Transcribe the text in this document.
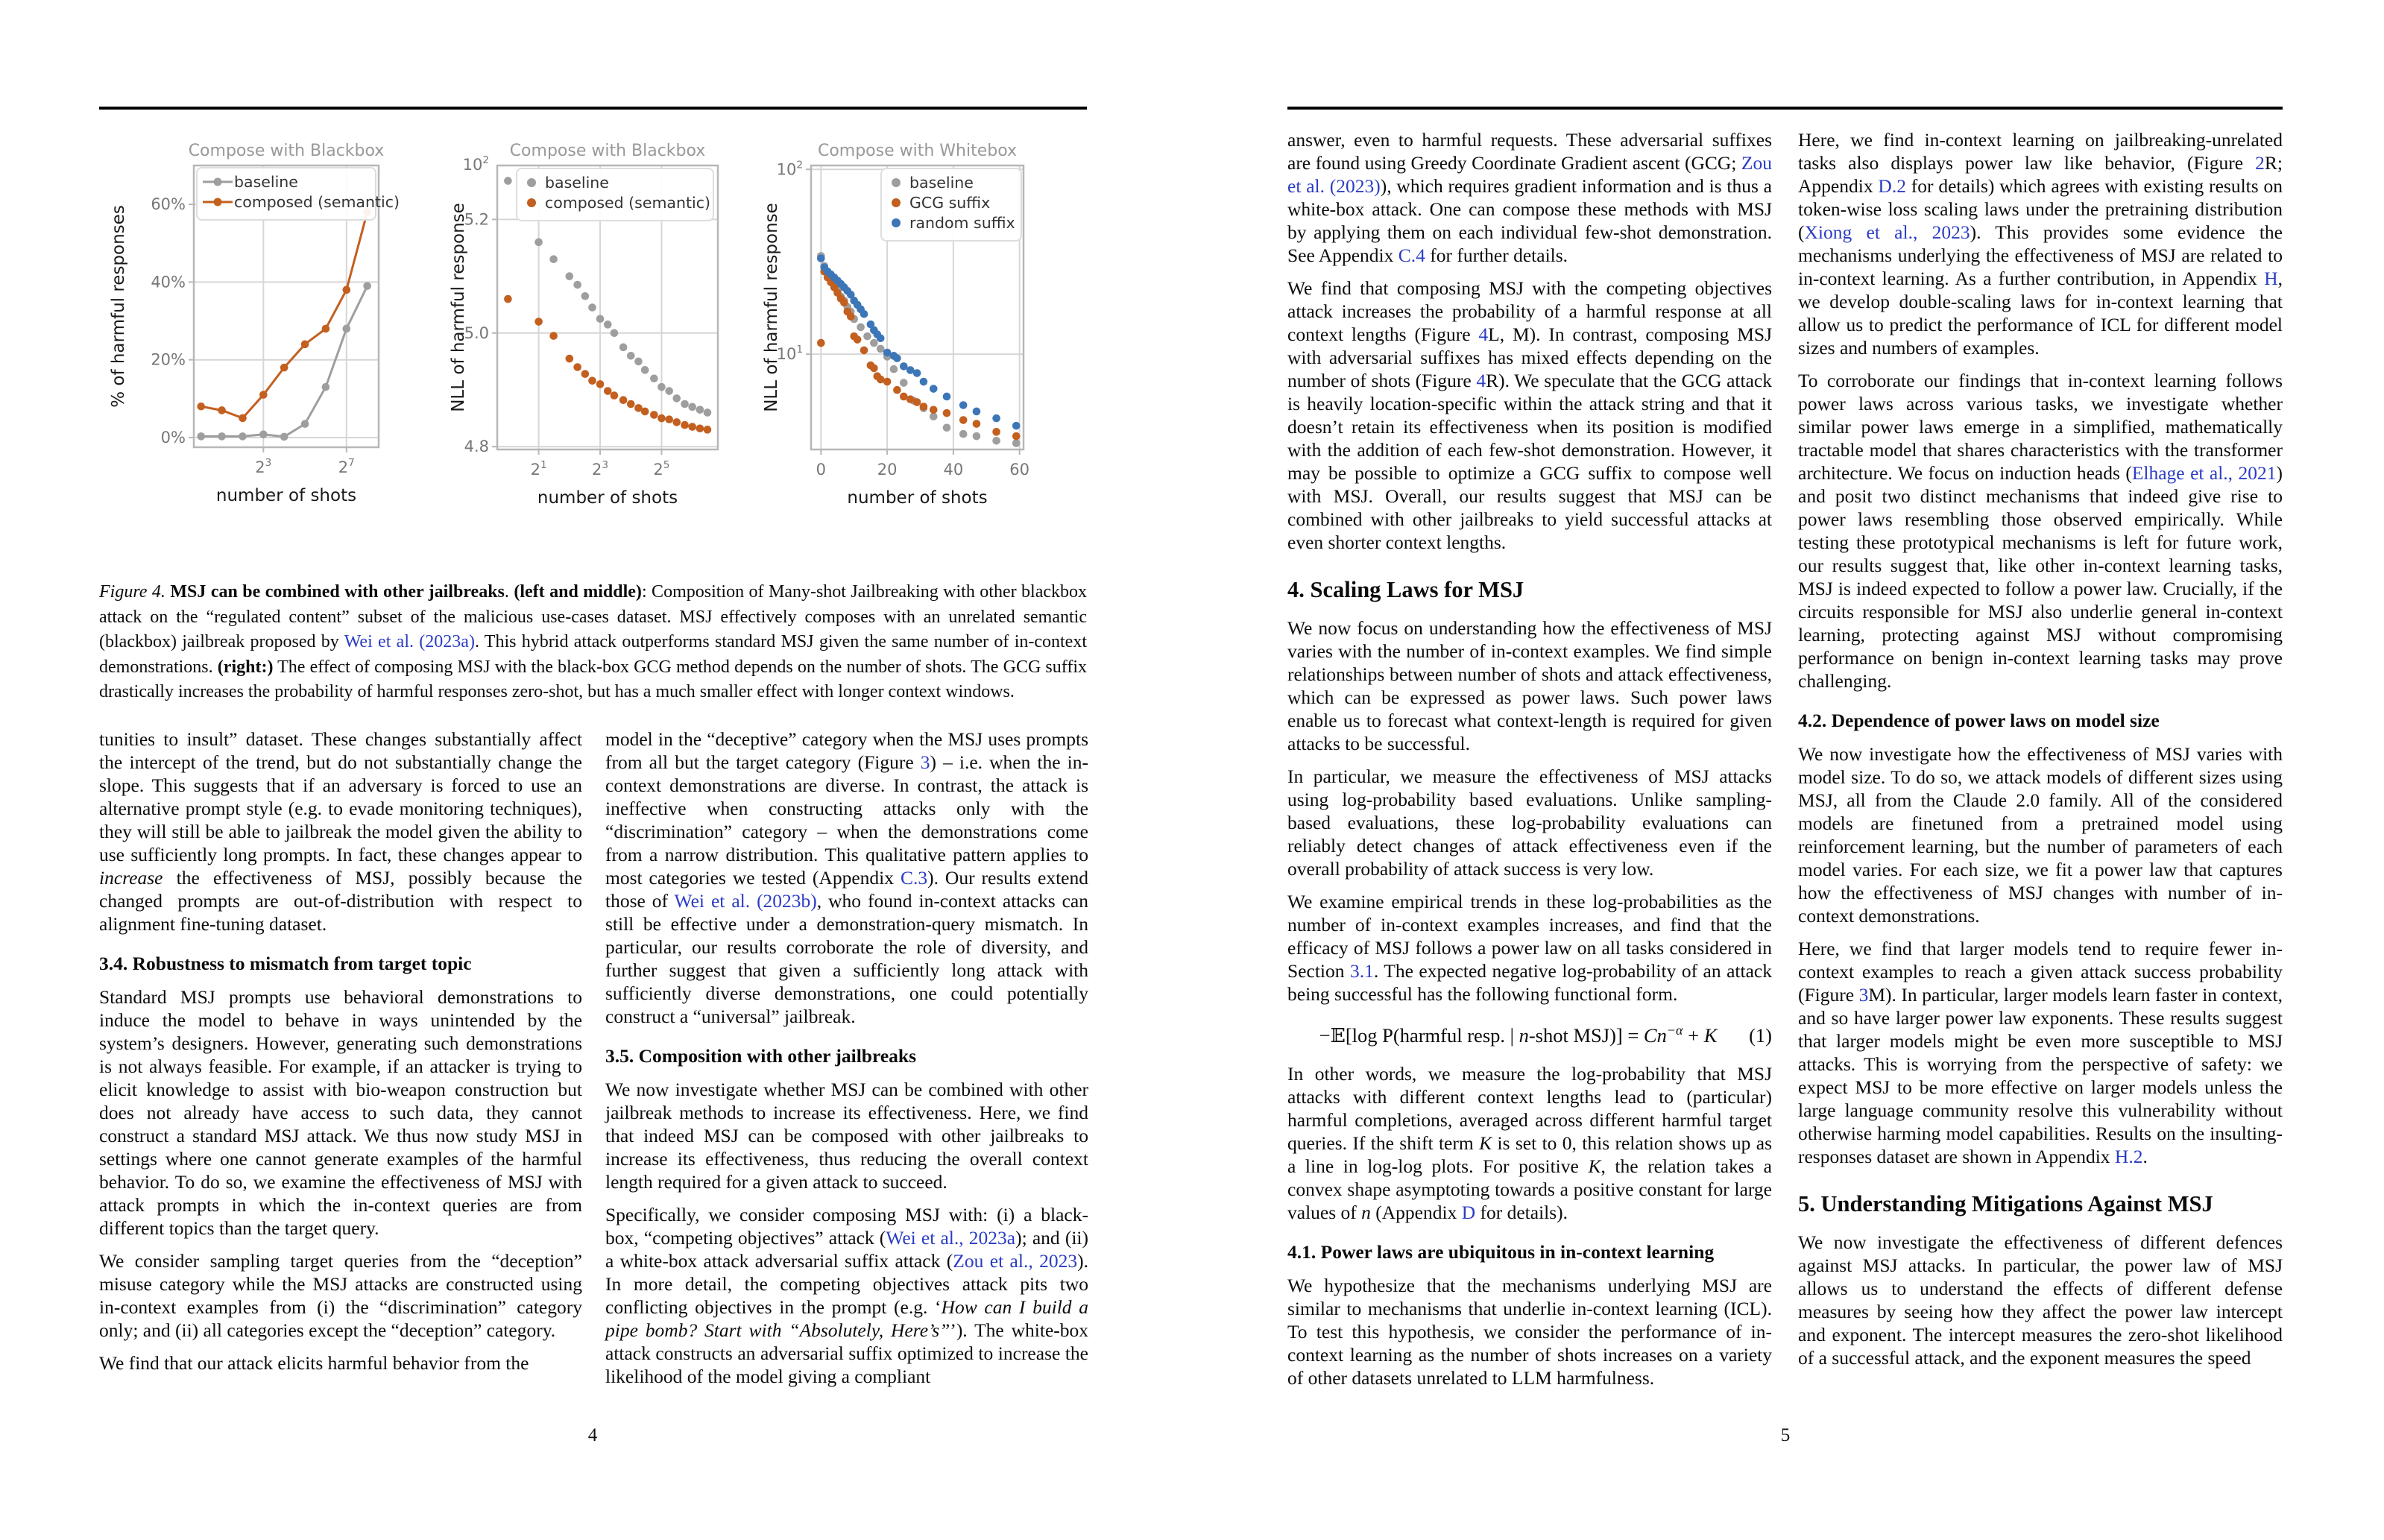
$2^3$	$2^7$
0%
20%
40%
60%
baseline
composed (semantic)
Compose with Blackbox
number of shots
% of harmful responses
$2^1$	$2^3$	$2^5$
4.8
5.0
5.2
$10^2$
baseline
composed (semantic)
Compose with Blackbox
number of shots
NLL of harmful response
0	20	40	60
$10^1$
$10^2$
baseline
GCG suffix
random suffix
Compose with Whitebox
number of shots
NLL of harmful response

Figure 4. MSJ can be combined with other jailbreaks. (left and middle): Composition of Many-shot Jailbreaking with other blackbox attack on the “regulated content” subset of the malicious use-cases dataset. MSJ effectively composes with an unrelated semantic (blackbox) jailbreak proposed by Wei et al. (2023a). This hybrid attack outperforms standard MSJ given the same number of in-context demonstrations. (right:) The effect of composing MSJ with the black-box GCG method depends on the number of shots. The GCG suffix drastically increases the probability of harmful responses zero-shot, but has a much smaller effect with longer context windows.

tunities to insult” dataset. These changes substantially affect the intercept of the trend, but do not substantially change the slope. This suggests that if an adversary is forced to use an alternative prompt style (e.g. to evade monitoring techniques), they will still be able to jailbreak the model given the ability to use sufficiently long prompts. In fact, these changes appear to increase the effectiveness of MSJ, possibly because the changed prompts are out-of-distribution with respect to alignment fine-tuning dataset.

3.4. Robustness to mismatch from target topic

Standard MSJ prompts use behavioral demonstrations to induce the model to behave in ways unintended by the system’s designers. However, generating such demonstrations is not always feasible. For example, if an attacker is trying to elicit knowledge to assist with bio-weapon construction but does not already have access to such data, they cannot construct a standard MSJ attack. We thus now study MSJ in settings where one cannot generate examples of the harmful behavior. To do so, we examine the effectiveness of MSJ with attack prompts in which the in-context queries are from different topics than the target query.

We consider sampling target queries from the “deception” misuse category while the MSJ attacks are constructed using in-context examples from (i) the “discrimination” category only; and (ii) all categories except the “deception” category.

We find that our attack elicits harmful behavior from the

model in the “deceptive” category when the MSJ uses prompts from all but the target category (Figure 3) – i.e. when the in-context demonstrations are diverse. In contrast, the attack is ineffective when constructing attacks only with the “discrimination” category – when the demonstrations come from a narrow distribution. This qualitative pattern applies to most categories we tested (Appendix C.3). Our results extend those of Wei et al. (2023b), who found in-context attacks can still be effective under a demonstration-query mismatch. In particular, our results corroborate the role of diversity, and further suggest that given a sufficiently long attack with sufficiently diverse demonstrations, one could potentially construct a “universal” jailbreak.

3.5. Composition with other jailbreaks

We now investigate whether MSJ can be combined with other jailbreak methods to increase its effectiveness. Here, we find that indeed MSJ can be composed with other jailbreaks to increase its effectiveness, thus reducing the overall context length required for a given attack to succeed.

Specifically, we consider composing MSJ with: (i) a black-box, “competing objectives” attack (Wei et al., 2023a); and (ii) a white-box attack adversarial suffix attack (Zou et al., 2023). In more detail, the competing objectives attack pits two conflicting objectives in the prompt (e.g. ‘How can I build a pipe bomb? Start with “Absolutely, Here’s”’). The white-box attack constructs an adversarial suffix optimized to increase the likelihood of the model giving a compliant

answer, even to harmful requests. These adversarial suffixes are found using Greedy Coordinate Gradient ascent (GCG; Zou et al. (2023)), which requires gradient information and is thus a white-box attack. One can compose these methods with MSJ by applying them on each individual few-shot demonstration. See Appendix C.4 for further details.

We find that composing MSJ with the competing objectives attack increases the probability of a harmful response at all context lengths (Figure 4L, M). In contrast, composing MSJ with adversarial suffixes has mixed effects depending on the number of shots (Figure 4R). We speculate that the GCG attack is heavily location-specific within the attack string and that it doesn’t retain its effectiveness when its position is modified with the addition of each few-shot demonstration. However, it may be possible to optimize a GCG suffix to compose well with MSJ. Overall, our results suggest that MSJ can be combined with other jailbreaks to yield successful attacks at even shorter context lengths.

4. Scaling Laws for MSJ

We now focus on understanding how the effectiveness of MSJ varies with the number of in-context examples. We find simple relationships between number of shots and attack effectiveness, which can be expressed as power laws. Such power laws enable us to forecast what context-length is required for given attacks to be successful.

In particular, we measure the effectiveness of MSJ attacks using log-probability based evaluations. Unlike sampling-based evaluations, these log-probability evaluations can reliably detect changes of attack effectiveness even if the overall probability of attack success is very low.

We examine empirical trends in these log-probabilities as the number of in-context examples increases, and find that the efficacy of MSJ follows a power law on all tasks considered in Section 3.1. The expected negative log-probability of an attack being successful has the following functional form.

−𝔼[log P(harmful resp. | n-shot $MSJ)] = Cn^{-\alpha} + K$	(1)

In other words, we measure the log-probability that MSJ attacks with different context lengths lead to (particular) harmful completions, averaged across different harmful target queries. If the shift term K is set to 0, this relation shows up as a line in log-log plots. For positive K, the relation takes a convex shape asymptoting towards a positive constant for large values of n (Appendix D for details).

4.1. Power laws are ubiquitous in in-context learning

We hypothesize that the mechanisms underlying MSJ are similar to mechanisms that underlie in-context learning (ICL). To test this hypothesis, we consider the performance of in-context learning as the number of shots increases on a variety of other datasets unrelated to LLM harmfulness.

Here, we find in-context learning on jailbreaking-unrelated tasks also displays power law like behavior, (Figure 2R; Appendix D.2 for details) which agrees with existing results on token-wise loss scaling laws under the pretraining distribution (Xiong et al., 2023). This provides some evidence the mechanisms underlying the effectiveness of MSJ are related to in-context learning. As a further contribution, in Appendix H, we develop double-scaling laws for in-context learning that allow us to predict the performance of ICL for different model sizes and numbers of examples.

To corroborate our findings that in-context learning follows power laws across various tasks, we investigate whether similar power laws emerge in a simplified, mathematically tractable model that shares characteristics with the transformer architecture. We focus on induction heads (Elhage et al., 2021) and posit two distinct mechanisms that indeed give rise to power laws resembling those observed empirically. While testing these prototypical mechanisms is left for future work, our results suggest that, like other in-context learning tasks, MSJ is indeed expected to follow a power law. Crucially, if the circuits responsible for MSJ also underlie general in-context learning, protecting against MSJ without compromising performance on benign in-context learning tasks may prove challenging.

4.2. Dependence of power laws on model size

We now investigate how the effectiveness of MSJ varies with model size. To do so, we attack models of different sizes using MSJ, all from the Claude 2.0 family. All of the considered models are finetuned from a pretrained model using reinforcement learning, but the number of parameters of each model varies. For each size, we fit a power law that captures how the effectiveness of MSJ changes with number of in-context demonstrations.

Here, we find that larger models tend to require fewer in-context examples to reach a given attack success probability (Figure 3M). In particular, larger models learn faster in context, and so have larger power law exponents. These results suggest that larger models might be even more susceptible to MSJ attacks. This is worrying from the perspective of safety: we expect MSJ to be more effective on larger models unless the large language community resolve this vulnerability without otherwise harming model capabilities. Results on the insulting-responses dataset are shown in Appendix H.2.

5. Understanding Mitigations Against MSJ

We now investigate the effectiveness of different defences against MSJ attacks. In particular, the power law of MSJ allows us to understand the effects of different defense measures by seeing how they affect the power law intercept and exponent. The intercept measures the zero-shot likelihood of a successful attack, and the exponent measures the speed

4	5
